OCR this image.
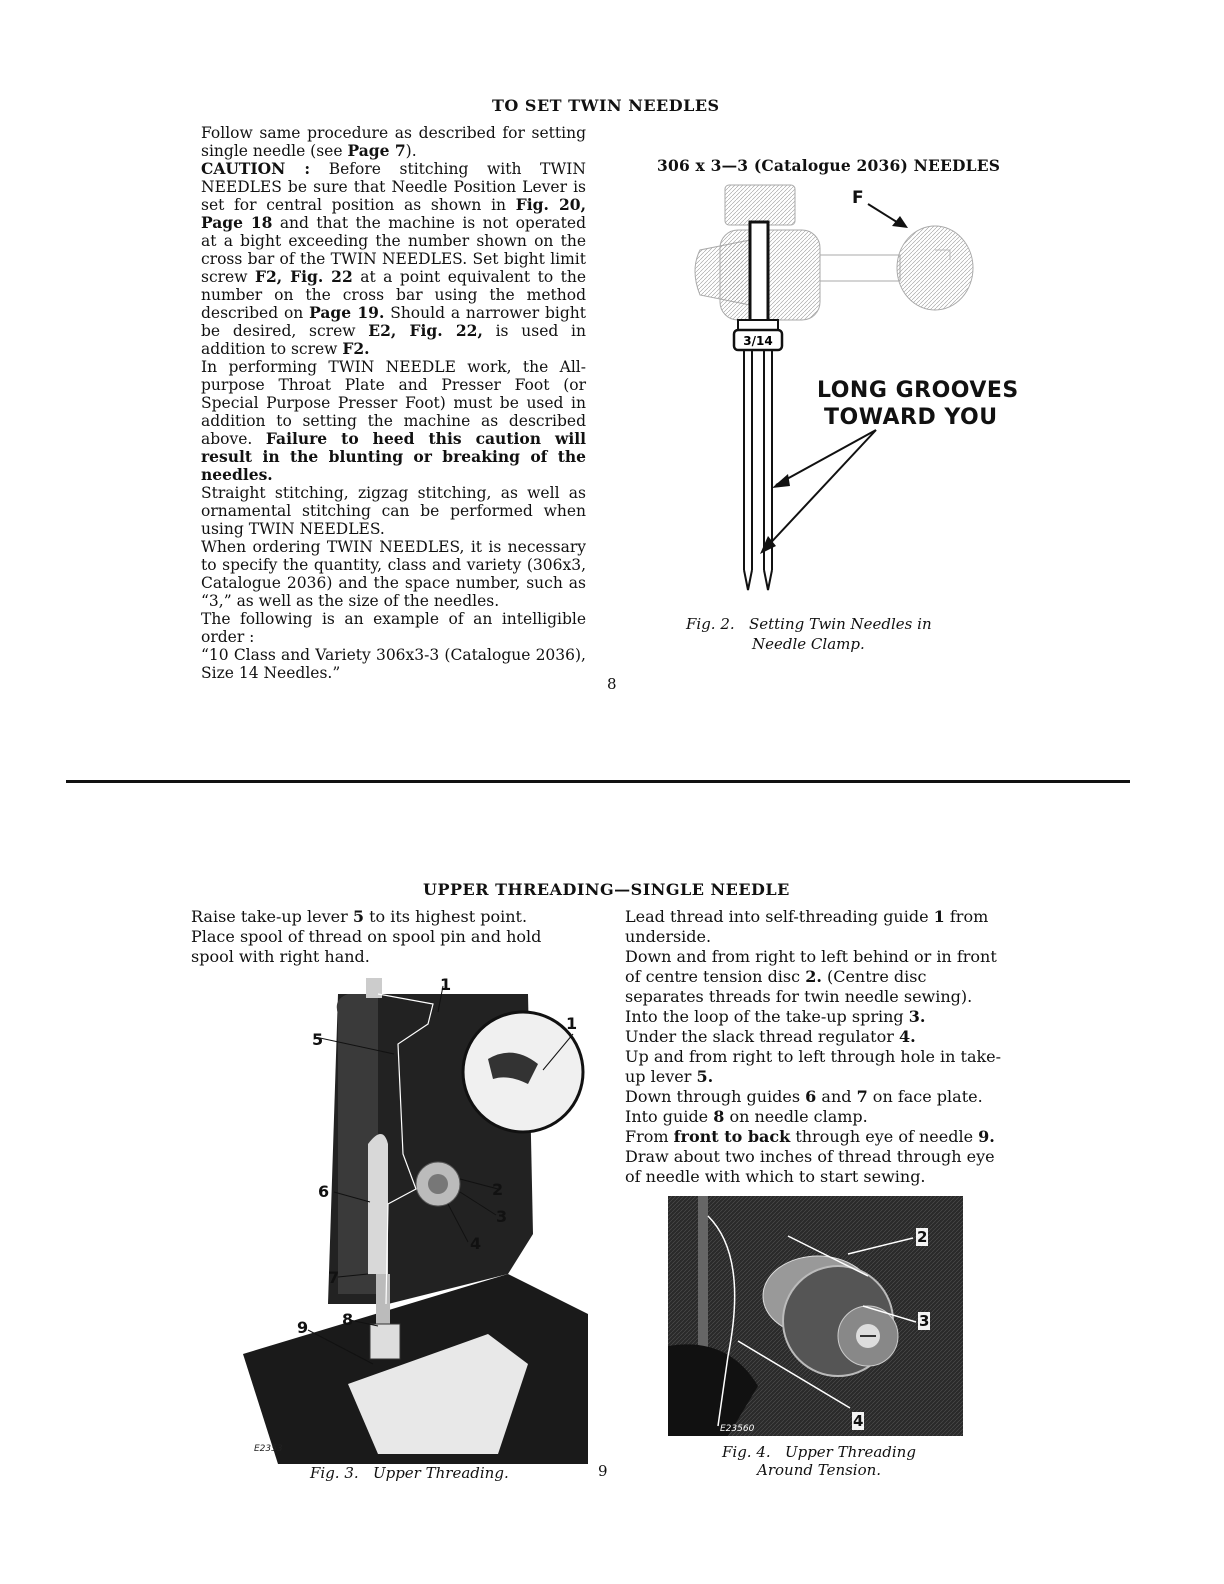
TO SET TWIN NEEDLES

Follow same procedure as described for setting single needle (see Page 7).

CAUTION : Before stitching with TWIN NEEDLES be sure that Needle Position Lever is set for central position as shown in Fig. 20, Page 18 and that the machine is not operated at a bight exceeding the number shown on the cross bar of the TWIN NEEDLES. Set bight limit screw F2, Fig. 22 at a point equivalent to the number on the cross bar using the method described on Page 19. Should a narrower bight be desired, screw E2, Fig. 22, is used in addition to screw F2.

In performing TWIN NEEDLE work, the All-purpose Throat Plate and Presser Foot (or Special Purpose Presser Foot) must be used in addition to setting the machine as described above. Failure to heed this caution will result in the blunting or breaking of the needles.

Straight stitching, zigzag stitching, as well as ornamental stitching can be performed when using TWIN NEEDLES.

When ordering TWIN NEEDLES, it is necessary to specify the quantity, class and variety (306x3, Catalogue 2036) and the space number, such as “3,” as well as the size of the needles.

The following is an example of an intelligible order :

“10 Class and Variety 306x3-3 (Catalogue 2036), Size 14 Needles.”

306 x 3—3 (Catalogue 2036) NEEDLES
3/14
F
LONG GROOVES
TOWARD YOU
Fig. 2.   Setting Twin Needles in
Needle Clamp.
8
UPPER THREADING—SINGLE NEEDLE

Raise take-up lever 5 to its highest point.

Place spool of thread on spool pin and hold spool with right hand.

Lead thread into self-threading guide 1 from underside.

Down and from right to left behind or in front of centre tension disc 2. (Centre disc separates threads for twin needle sewing).

Into the loop of the take-up spring 3.

Under the slack thread regulator 4.

Up and from right to left through hole in take-up lever 5.

Down through guides 6 and 7 on face plate.

Into guide 8 on needle clamp.

From front to back through eye of needle 9.

Draw about two inches of thread through eye of needle with which to start sewing.

1
1
5
2
3
4
6
7
8
9
E2353
Fig. 3.   Upper Threading.	9
2
3
4
E23560
Fig. 4.   Upper Threading
Around Tension.
